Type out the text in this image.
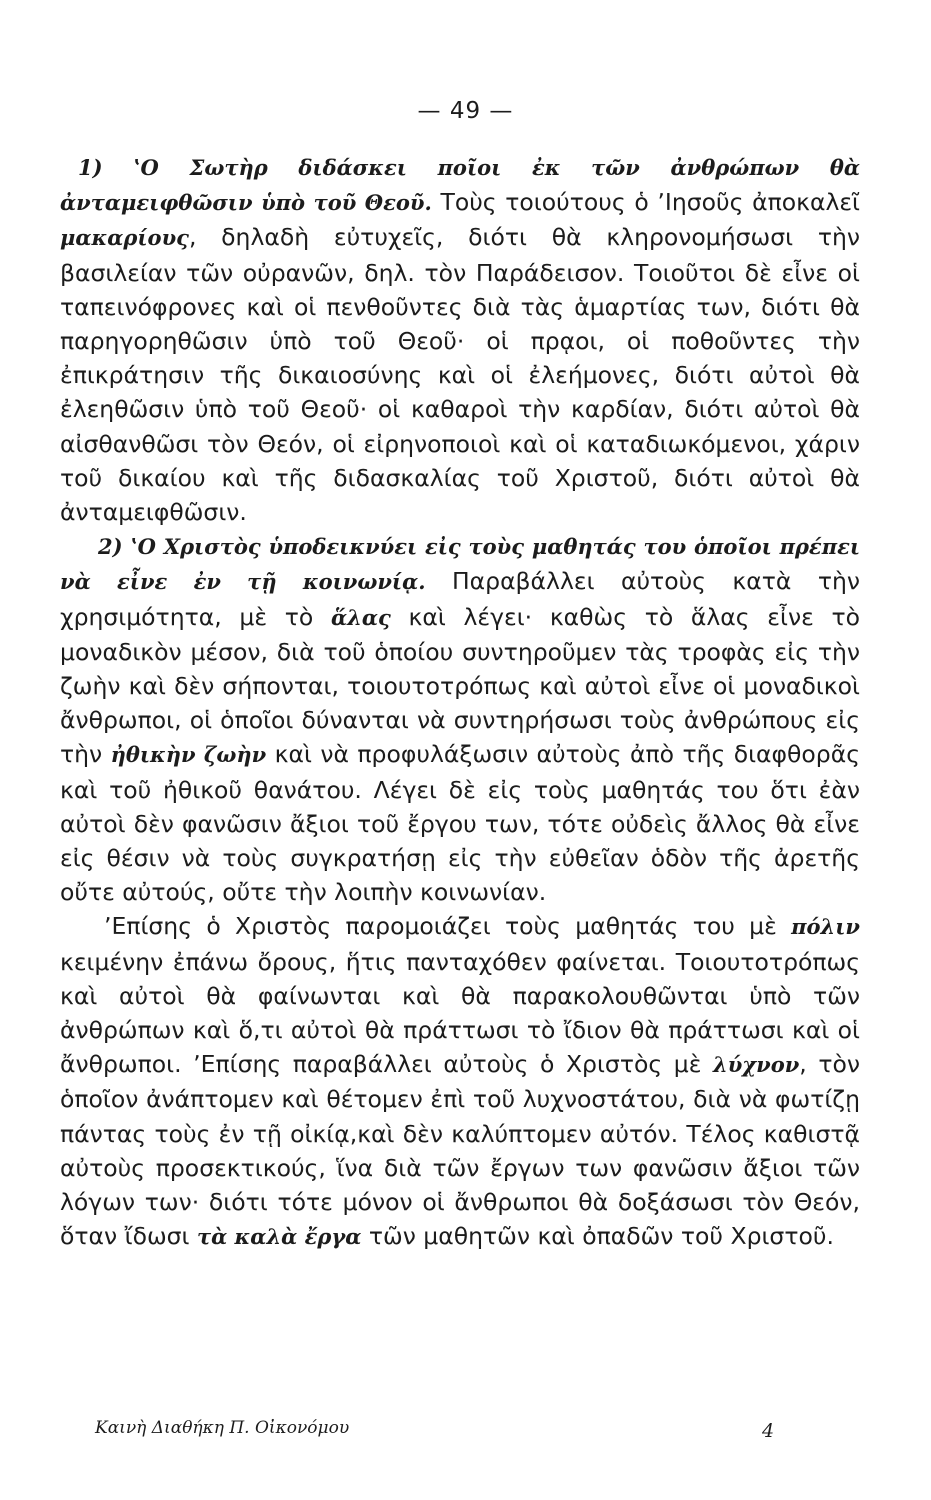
— 49 —

1) ʽΟ Σωτὴρ διδάσκει ποῖοι ἐκ τῶν ἀνθρώπων θὰ ἀνταμειφθῶσιν ὑπὸ τοῦ Θεοῦ. Τοὺς τοιούτους ὁ ʼΙησοῦς ἀποκαλεῖ μακαρίους, δηλαδὴ εὐτυχεῖς, διότι θὰ κληρονομήσωσι τὴν βασιλείαν τῶν οὐρανῶν, δηλ. τὸν Παράδεισον. Τοιοῦτοι δὲ εἶνε οἱ ταπεινόφρονες καὶ οἱ πενθοῦντες διὰ τὰς ἁμαρτίας των, διότι θὰ παρηγορηθῶσιν ὑπὸ τοῦ Θεοῦ· οἱ πρᾳοι, οἱ ποθοῦντες τὴν ἐπικράτησιν τῆς δικαιοσύνης καὶ οἱ ἐλεήμονες, διότι αὐτοὶ θὰ ἐλεηθῶσιν ὑπὸ τοῦ Θεοῦ· οἱ καθαροὶ τὴν καρδίαν, διότι αὐτοὶ θὰ αἰσθανθῶσι τὸν Θεόν, οἱ εἰρηνοποιοὶ καὶ οἱ καταδιωκόμενοι, χάριν τοῦ δικαίου καὶ τῆς διδασκαλίας τοῦ Χριστοῦ, διότι αὐτοὶ θὰ ἀνταμειφθῶσιν.

2) ʽΟ Χριστὸς ὑποδεικνύει εἰς τοὺς μαθητάς του ὁποῖοι πρέπει νὰ εἶνε ἐν τῇ κοινωνίᾳ. Παραβάλλει αὐτοὺς κατὰ τὴν χρησιμότητα, μὲ τὸ ἅλας καὶ λέγει· καθὼς τὸ ἅλας εἶνε τὸ μοναδικὸν μέσον, διὰ τοῦ ὁποίου συντηροῦμεν τὰς τροφὰς εἰς τὴν ζωὴν καὶ δὲν σήπονται, τοιουτοτρόπως καὶ αὐτοὶ εἶνε οἱ μοναδικοὶ ἄνθρωποι, οἱ ὁποῖοι δύνανται νὰ συντηρήσωσι τοὺς ἀνθρώπους εἰς τὴν ἠθικὴν ζωὴν καὶ νὰ προφυλάξωσιν αὐτοὺς ἀπὸ τῆς διαφθορᾶς καὶ τοῦ ἠθικοῦ θανάτου. Λέγει δὲ εἰς τοὺς μαθητάς του ὅτι ἐὰν αὐτοὶ δὲν φανῶσιν ἄξιοι τοῦ ἔργου των, τότε οὐδεὶς ἄλλος θὰ εἶνε εἰς θέσιν νὰ τοὺς συγκρατήσῃ εἰς τὴν εὐθεῖαν ὁδὸν τῆς ἀρετῆς οὔτε αὐτούς, οὔτε τὴν λοιπὴν κοινωνίαν.

ʼΕπίσης ὁ Χριστὸς παρομοιάζει τοὺς μαθητάς του μὲ πόλιν κειμένην ἐπάνω ὄρους, ἥτις πανταχόθεν φαίνεται. Τοιουτοτρόπως καὶ αὐτοὶ θὰ φαίνωνται καὶ θὰ παρακολουθῶνται ὑπὸ τῶν ἀνθρώπων καὶ ὅ,τι αὐτοὶ θὰ πράττωσι τὸ ἴδιον θὰ πράττωσι καὶ οἱ ἄνθρωποι. ʼΕπίσης παραβάλλει αὐτοὺς ὁ Χριστὸς μὲ λύχνον, τὸν ὁποῖον ἀνάπτομεν καὶ θέτομεν ἐπὶ τοῦ λυχνοστάτου, διὰ νὰ φωτίζῃ πάντας τοὺς ἐν τῇ οἰκίᾳ,καὶ δὲν καλύπτομεν αὐτόν. Τέλος καθιστᾷ αὐτοὺς προσεκτικούς, ἵνα διὰ τῶν ἔργων των φανῶσιν ἄξιοι τῶν λόγων των· διότι τότε μόνον οἱ ἄνθρωποι θὰ δοξάσωσι τὸν Θεόν, ὅταν ἴδωσι τὰ καλὰ ἔργα τῶν μαθητῶν καὶ ὀπαδῶν τοῦ Χριστοῦ.

Καινὴ Διαθήκη Π. Οἰκονόμου	4
